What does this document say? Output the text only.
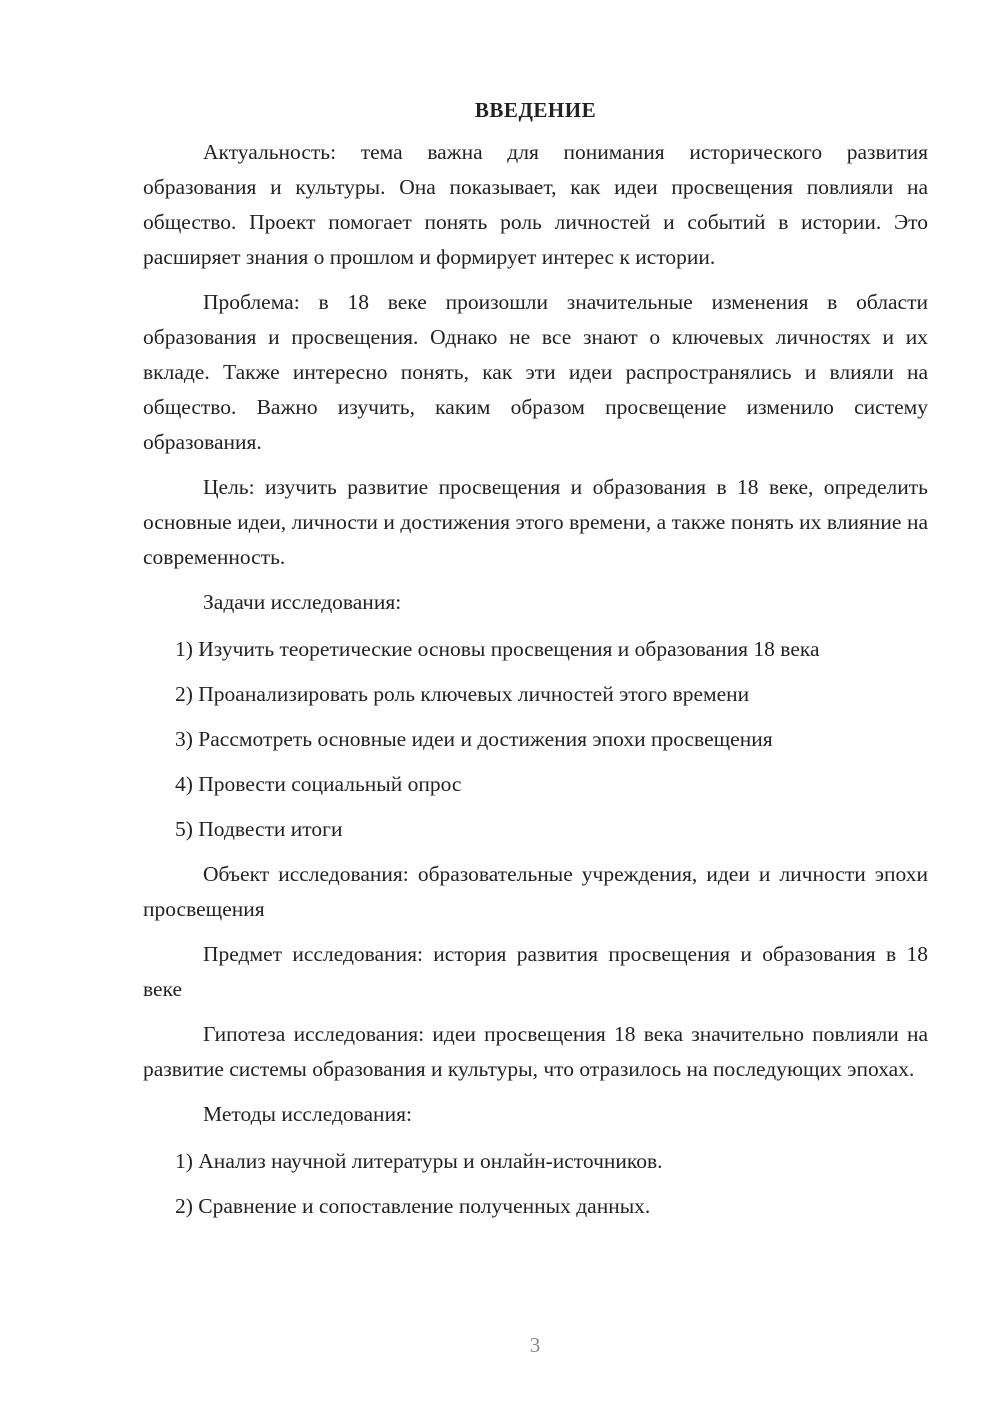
ВВЕДЕНИЕ

Актуальность: тема важна для понимания исторического развития образования и культуры. Она показывает, как идеи просвещения повлияли на общество. Проект помогает понять роль личностей и событий в истории. Это расширяет знания о прошлом и формирует интерес к истории.

Проблема: в 18 веке произошли значительные изменения в области образования и просвещения. Однако не все знают о ключевых личностях и их вкладе. Также интересно понять, как эти идеи распространялись и влияли на общество. Важно изучить, каким образом просвещение изменило систему образования.

Цель: изучить развитие просвещения и образования в 18 веке, определить основные идеи, личности и достижения этого времени, а также понять их влияние на современность.

Задачи исследования:

1) Изучить теоретические основы просвещения и образования 18 века
2) Проанализировать роль ключевых личностей этого времени
3) Рассмотреть основные идеи и достижения эпохи просвещения
4) Провести социальный опрос
5) Подвести итоги

Объект исследования: образовательные учреждения, идеи и личности эпохи просвещения

Предмет исследования: история развития просвещения и образования в 18 веке

Гипотеза исследования: идеи просвещения 18 века значительно повлияли на развитие системы образования и культуры, что отразилось на последующих эпохах.

Методы исследования:

1) Анализ научной литературы и онлайн-источников.
2) Сравнение и сопоставление полученных данных.
3
